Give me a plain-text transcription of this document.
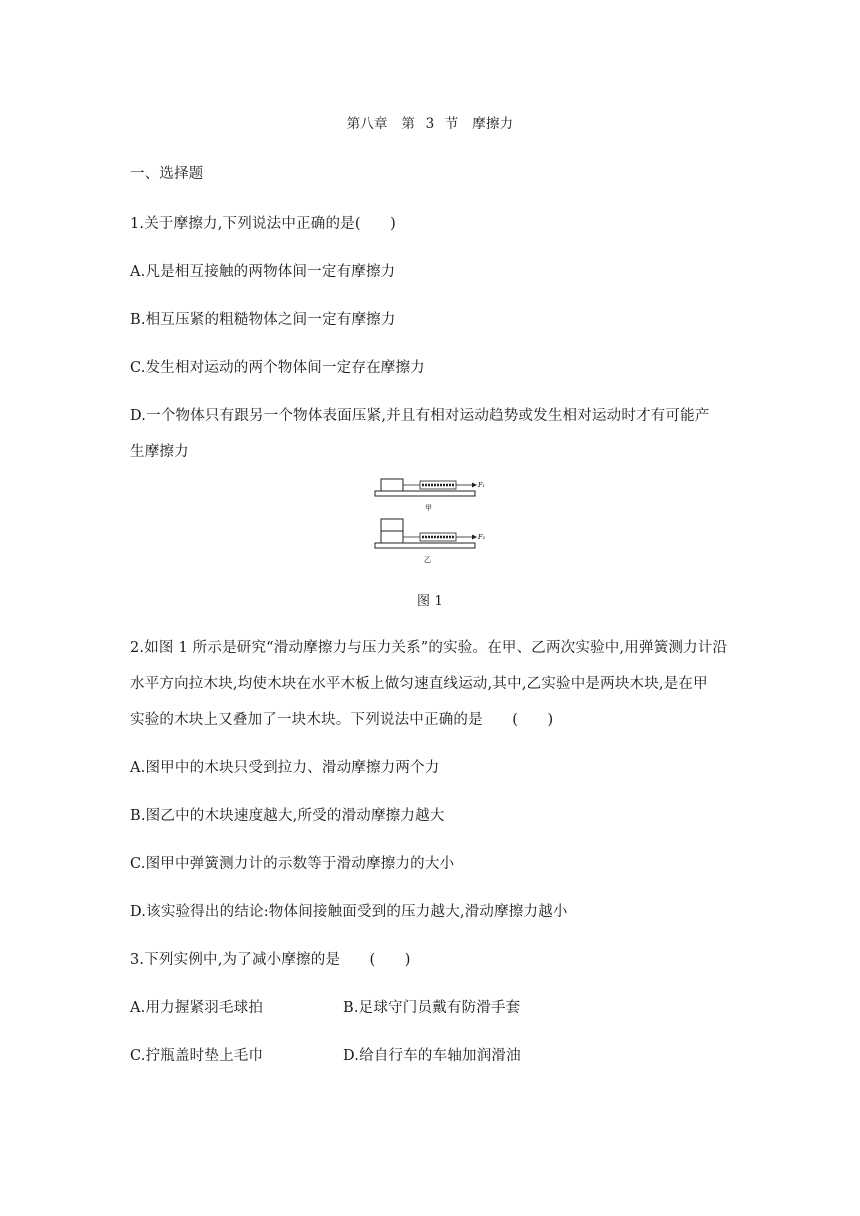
第八章　第 3 节　摩擦力
一、选择题
1.关于摩擦力,下列说法中正确的是(　　)
A.凡是相互接触的两物体间一定有摩擦力
B.相互压紧的粗糙物体之间一定有摩擦力
C.发生相对运动的两个物体间一定存在摩擦力
D.一个物体只有跟另一个物体表面压紧,并且有相对运动趋势或发生相对运动时才有可能产
生摩擦力
F₁
甲
F₂
乙
图 1
2.如图 1 所示是研究“滑动摩擦力与压力关系”的实验。在甲、乙两次实验中,用弹簧测力计沿
水平方向拉木块,均使木块在水平木板上做匀速直线运动,其中,乙实验中是两块木块,是在甲
实验的木块上又叠加了一块木块。下列说法中正确的是　　(　　)
A.图甲中的木块只受到拉力、滑动摩擦力两个力
B.图乙中的木块速度越大,所受的滑动摩擦力越大
C.图甲中弹簧测力计的示数等于滑动摩擦力的大小
D.该实验得出的结论:物体间接触面受到的压力越大,滑动摩擦力越小
3.下列实例中,为了减小摩擦的是　　(　　)
A.用力握紧羽毛球拍	B.足球守门员戴有防滑手套
C.拧瓶盖时垫上毛巾	D.给自行车的车轴加润滑油
